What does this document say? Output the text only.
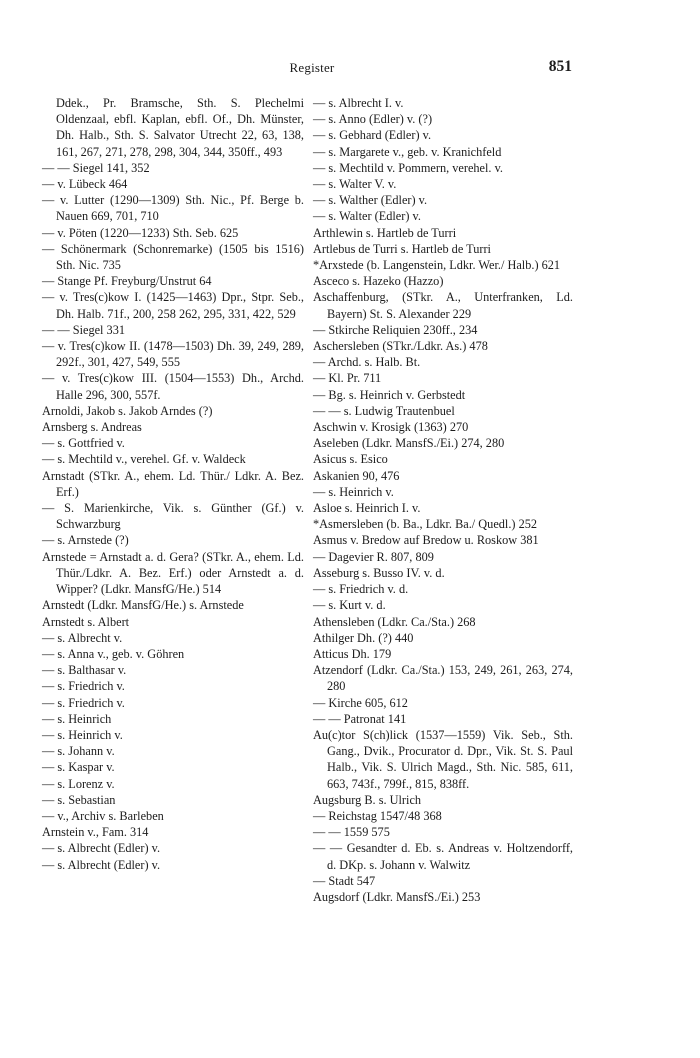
Register	851
Ddek., Pr. Bramsche, Sth. S. Plechelmi Oldenzaal, ebfl. Kaplan, ebfl. Of., Dh. Münster, Dh. Halb., Sth. S. Salvator Utrecht 22, 63, 138, 161, 267, 271, 278, 298, 304, 344, 350ff., 493
— — Siegel 141, 352
— v. Lübeck 464
— v. Lutter (1290—1309) Sth. Nic., Pf. Berge b. Nauen 669, 701, 710
— v. Pöten (1220—1233) Sth. Seb. 625
— Schönermark (Schonremarke) (1505 bis 1516) Sth. Nic. 735
— Stange Pf. Freyburg/Unstrut 64
— v. Tres(c)kow I. (1425—1463) Dpr., Stpr. Seb., Dh. Halb. 71f., 200, 258 262, 295, 331, 422, 529
— — Siegel 331
— v. Tres(c)kow II. (1478—1503) Dh. 39, 249, 289, 292f., 301, 427, 549, 555
— v. Tres(c)kow III. (1504—1553) Dh., Archd. Halle 296, 300, 557f.
Arnoldi, Jakob s. Jakob Arndes (?)
Arnsberg s. Andreas
— s. Gottfried v.
— s. Mechtild v., verehel. Gf. v. Waldeck
Arnstadt (STkr. A., ehem. Ld. Thür./ Ldkr. A. Bez. Erf.)
— S. Marienkirche, Vik. s. Günther (Gf.) v. Schwarzburg
— s. Arnstede (?)
Arnstede = Arnstadt a. d. Gera? (STkr. A., ehem. Ld. Thür./Ldkr. A. Bez. Erf.) oder Arnstedt a. d. Wipper? (Ldkr. MansfG/He.) 514
Arnstedt (Ldkr. MansfG/He.) s. Arnstede
Arnstedt s. Albert
— s. Albrecht v.
— s. Anna v., geb. v. Göhren
— s. Balthasar v.
— s. Friedrich v.
— s. Friedrich v.
— s. Heinrich
— s. Heinrich v.
— s. Johann v.
— s. Kaspar v.
— s. Lorenz v.
— s. Sebastian
— v., Archiv s. Barleben
Arnstein v., Fam. 314
— s. Albrecht (Edler) v.
— s. Albrecht (Edler) v.
— s. Albrecht I. v.
— s. Anno (Edler) v. (?)
— s. Gebhard (Edler) v.
— s. Margarete v., geb. v. Kranichfeld
— s. Mechtild v. Pommern, verehel. v.
— s. Walter V. v.
— s. Walther (Edler) v.
— s. Walter (Edler) v.
Arthlewin s. Hartleb de Turri
Artlebus de Turri s. Hartleb de Turri
*Arxstede (b. Langenstein, Ldkr. Wer./ Halb.) 621
Asceco s. Hazeko (Hazzo)
Aschaffenburg, (STkr. A., Unterfranken, Ld. Bayern) St. S. Alexander 229
— Stkirche Reliquien 230ff., 234
Aschersleben (STkr./Ldkr. As.) 478
— Archd. s. Halb. Bt.
— Kl. Pr. 711
— Bg. s. Heinrich v. Gerbstedt
— — s. Ludwig Trautenbuel
Aschwin v. Krosigk (1363) 270
Aseleben (Ldkr. MansfS./Ei.) 274, 280
Asicus s. Esico
Askanien 90, 476
— s. Heinrich v.
Asloe s. Heinrich I. v.
*Asmersleben (b. Ba., Ldkr. Ba./ Quedl.) 252
Asmus v. Bredow auf Bredow u. Roskow 381
— Dagevier R. 807, 809
Asseburg s. Busso IV. v. d.
— s. Friedrich v. d.
— s. Kurt v. d.
Athensleben (Ldkr. Ca./Sta.) 268
Athilger Dh. (?) 440
Atticus Dh. 179
Atzendorf (Ldkr. Ca./Sta.) 153, 249, 261, 263, 274, 280
— Kirche 605, 612
— — Patronat 141
Au(c)tor S(ch)lick (1537—1559) Vik. Seb., Sth. Gang., Dvik., Procurator d. Dpr., Vik. St. S. Paul Halb., Vik. S. Ulrich Magd., Sth. Nic. 585, 611, 663, 743f., 799f., 815, 838ff.
Augsburg B. s. Ulrich
— Reichstag 1547/48 368
— — 1559 575
— — Gesandter d. Eb. s. Andreas v. Holtzendorff, d. DKp. s. Johann v. Walwitz
— Stadt 547
Augsdorf (Ldkr. MansfS./Ei.) 253
